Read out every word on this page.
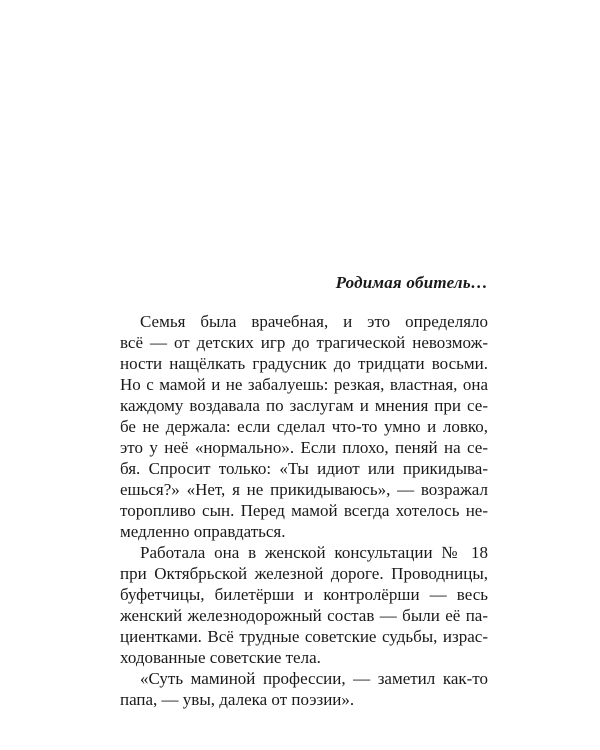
Родимая обитель…
Семья была врачебная, и это определяло
всё — от детских игр до трагической невозмож-
ности нащёлкать градусник до тридцати восьми.
Но с мамой и не забалуешь: резкая, властная, она
каждому воздавала по заслугам и мнения при се-
бе не держала: если сделал что-то умно и ловко,
это у неё «нормально». Если плохо, пеняй на се-
бя. Спросит только: «Ты идиот или прикидыва-
ешься?» «Нет, я не прикидываюсь», — возражал
торопливо сын. Перед мамой всегда хотелось не-
медленно оправдаться.
Работала она в женской консультации № 18
при Октябрьской железной дороге. Проводницы,
буфетчицы, билетёрши и контролёрши — весь
женский железнодорожный состав — были её па-
циентками. Всё трудные советские судьбы, израс-
ходованные советские тела.
«Суть маминой профессии, — заметил как-то
папа, — увы, далека от поэзии».
